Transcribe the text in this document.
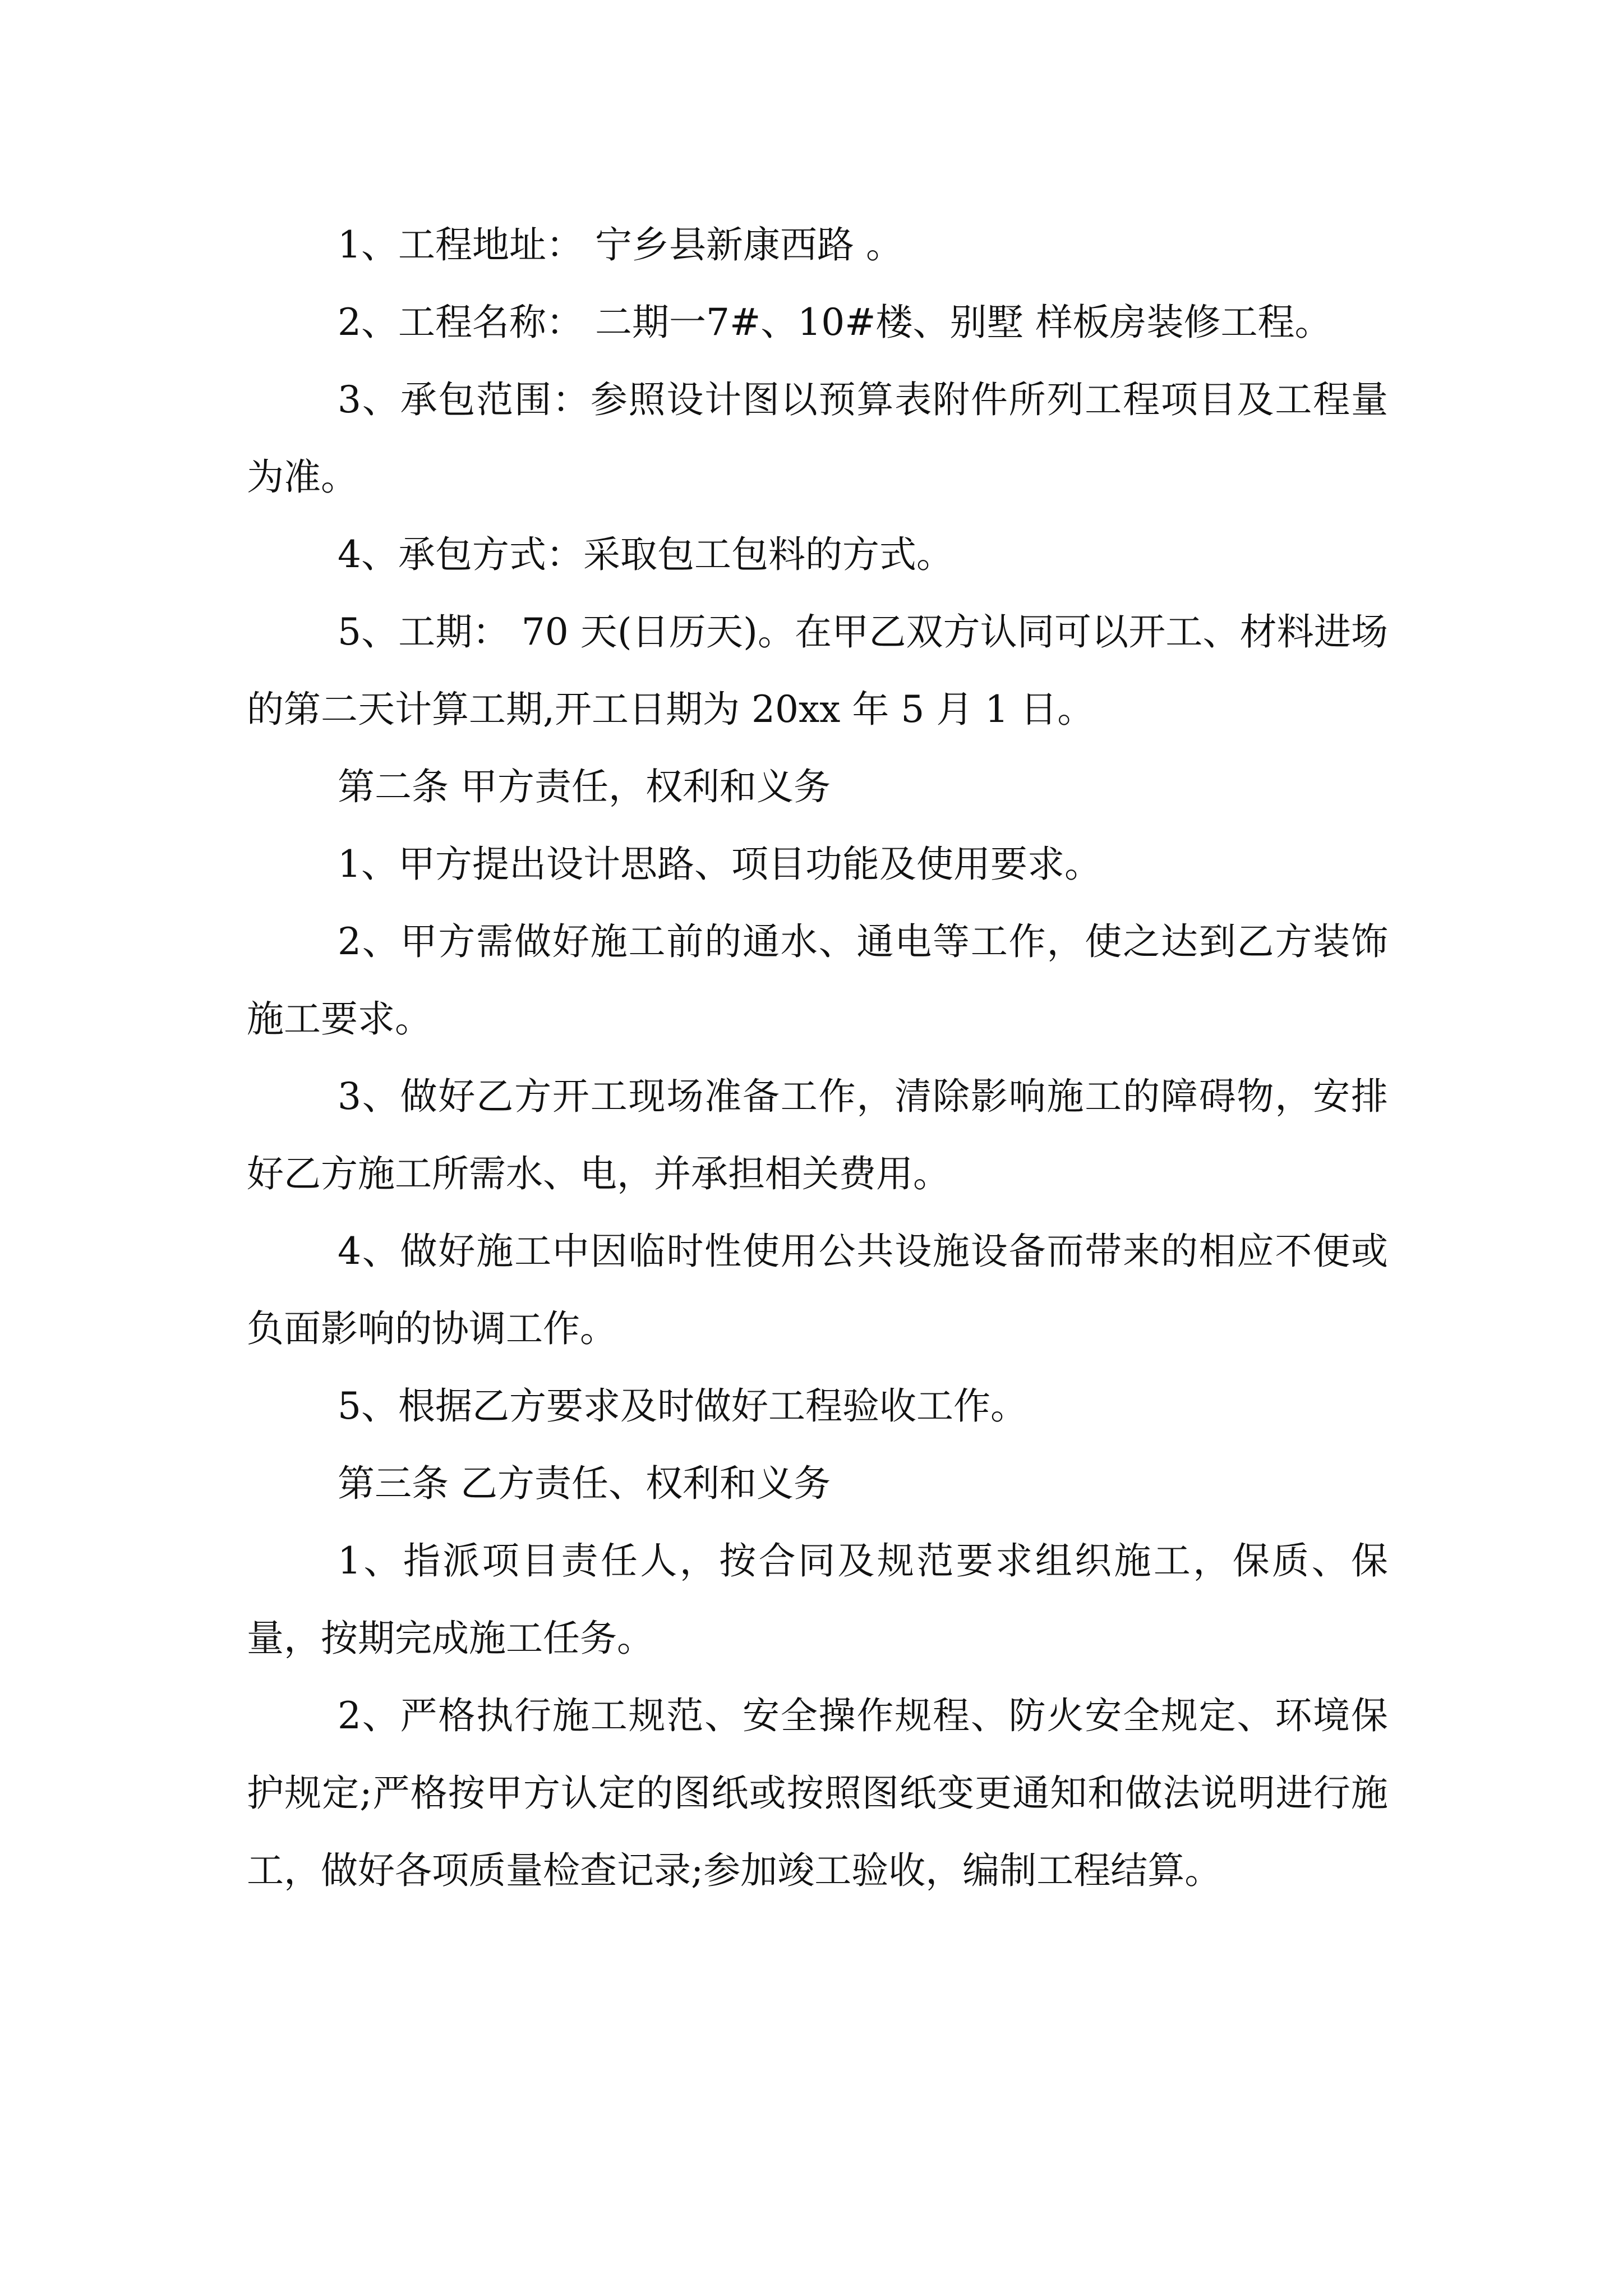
1、工程地址： 宁乡县新康西路 。

2、工程名称： 二期一7#、10#楼、别墅 样板房装修工程。

3、承包范围：参照设计图以预算表附件所列工程项目及工程量为准。

4、承包方式：采取包工包料的方式。

5、工期： 70 天(日历天)。在甲乙双方认同可以开工、材料进场的第二天计算工期,开工日期为 20xx 年 5 月 1 日。

第二条 甲方责任，权利和义务

1、甲方提出设计思路、项目功能及使用要求。

2、甲方需做好施工前的通水、通电等工作，使之达到乙方装饰施工要求。

3、做好乙方开工现场准备工作，清除影响施工的障碍物，安排好乙方施工所需水、电，并承担相关费用。

4、做好施工中因临时性使用公共设施设备而带来的相应不便或负面影响的协调工作。

5、根据乙方要求及时做好工程验收工作。

第三条 乙方责任、权利和义务

1、指派项目责任人，按合同及规范要求组织施工，保质、保量，按期完成施工任务。

2、严格执行施工规范、安全操作规程、防火安全规定、环境保护规定;严格按甲方认定的图纸或按照图纸变更通知和做法说明进行施工，做好各项质量检查记录;参加竣工验收，编制工程结算。
